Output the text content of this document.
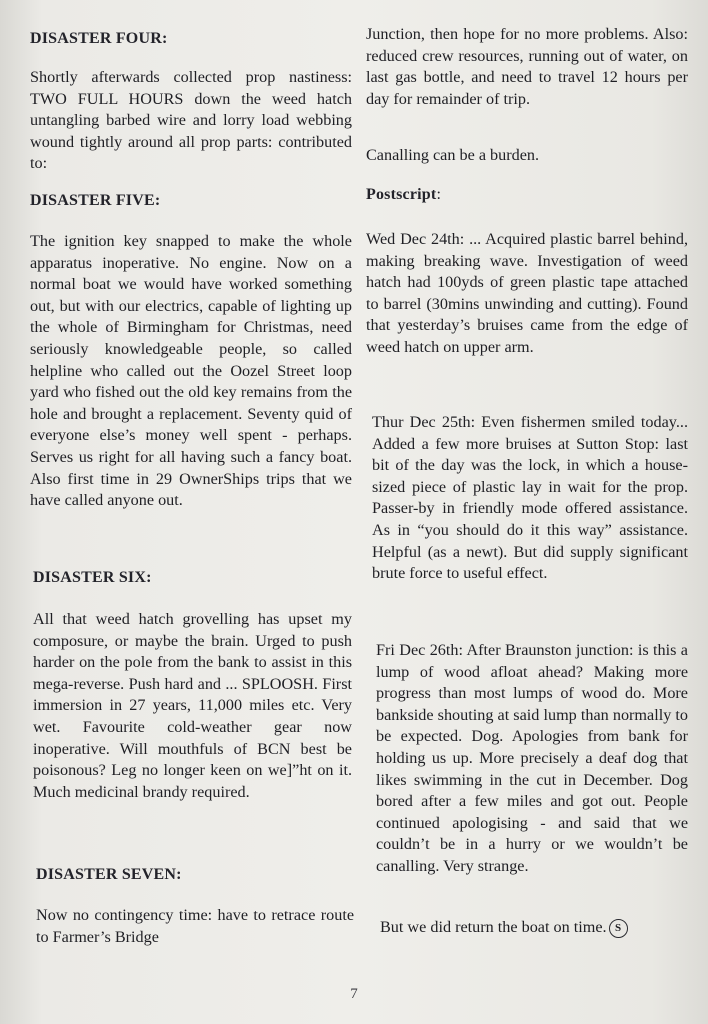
DISASTER FOUR:

Shortly afterwards collected prop nastiness: TWO FULL HOURS down the weed hatch untangling barbed wire and lorry load webbing wound tightly around all prop parts: contributed to:

DISASTER FIVE:

The ignition key snapped to make the whole apparatus inoperative. No engine. Now on a normal boat we would have worked something out, but with our electrics, capable of lighting up the whole of Birmingham for Christmas, need seriously knowledgeable people, so called helpline who called out the Oozel Street loop yard who fished out the old key remains from the hole and brought a replacement. Seventy quid of everyone else’s money well spent - perhaps. Serves us right for all having such a fancy boat. Also first time in 29 OwnerShips trips that we have called anyone out.

DISASTER SIX:

All that weed hatch grovelling has upset my composure, or maybe the brain. Urged to push harder on the pole from the bank to assist in this mega-reverse. Push hard and ... SPLOOSH. First immersion in 27 years, 11,000 miles etc. Very wet. Favourite cold-weather gear now inoperative. Will mouthfuls of BCN best be poisonous? Leg no longer keen on we]”ht on it. Much medicinal brandy required.

DISASTER SEVEN:

Now no contingency time: have to retrace route to Farmer’s Bridge

Junction, then hope for no more problems. Also: reduced crew resources, running out of water, on last gas bottle, and need to travel 12 hours per day for remainder of trip.

Canalling can be a burden.

Postscript:

Wed Dec 24th: ... Acquired plastic barrel behind, making breaking wave. Investigation of weed hatch had 100yds of green plastic tape attached to barrel (30mins unwinding and cutting). Found that yesterday’s bruises came from the edge of weed hatch on upper arm.

Thur Dec 25th: Even fishermen smiled today... Added a few more bruises at Sutton Stop: last bit of the day was the lock, in which a house-sized piece of plastic lay in wait for the prop. Passer-by in friendly mode offered assistance. As in “you should do it this way” assistance. Helpful (as a newt). But did supply significant brute force to useful effect.

Fri Dec 26th: After Braunston junction: is this a lump of wood afloat ahead? Making more progress than most lumps of wood do. More bankside shouting at said lump than normally to be expected. Dog. Apologies from bank for holding us up. More precisely a deaf dog that likes swimming in the cut in December. Dog bored after a few miles and got out. People continued apologising - and said that we couldn’t be in a hurry or we wouldn’t be canalling. Very strange.

But we did return the boat on time. S
7
